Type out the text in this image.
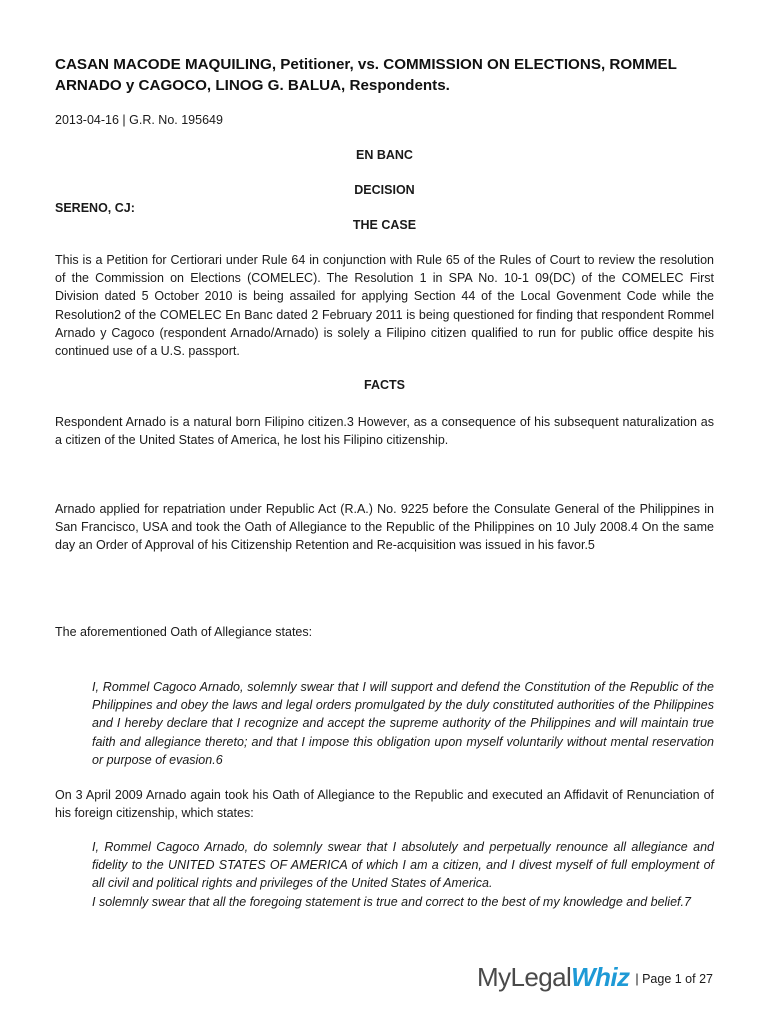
CASAN MACODE MAQUILING, Petitioner, vs. COMMISSION ON ELECTIONS, ROMMEL ARNADO y CAGOCO, LINOG G. BALUA, Respondents.
2013-04-16 | G.R. No. 195649
EN BANC
DECISION
SERENO, CJ:
THE CASE
This is a Petition for Certiorari under Rule 64 in conjunction with Rule 65 of the Rules of Court to review the resolution of the Commission on Elections (COMELEC). The Resolution 1 in SPA No. 10-1 09(DC) of the COMELEC First Division dated 5 October 2010 is being assailed for applying Section 44 of the Local Govenment Code while the Resolution2 of the COMELEC En Banc dated 2 February 2011 is being questioned for finding that respondent Rommel Arnado y Cagoco (respondent Arnado/Arnado) is solely a Filipino citizen qualified to run for public office despite his continued use of a U.S. passport.
FACTS
Respondent Arnado is a natural born Filipino citizen.3 However, as a consequence of his subsequent naturalization as a citizen of the United States of America, he lost his Filipino citizenship.
Arnado applied for repatriation under Republic Act (R.A.) No. 9225 before the Consulate General of the Philippines in San Francisco, USA and took the Oath of Allegiance to the Republic of the Philippines on 10 July 2008.4 On the same day an Order of Approval of his Citizenship Retention and Re-acquisition was issued in his favor.5
The aforementioned Oath of Allegiance states:

I, Rommel Cagoco Arnado, solemnly swear that I will support and defend the Constitution of the Republic of the Philippines and obey the laws and legal orders promulgated by the duly constituted authorities of the Philippines and I hereby declare that I recognize and accept the supreme authority of the Philippines and will maintain true faith and allegiance thereto; and that I impose this obligation upon myself voluntarily without mental reservation or purpose of evasion.6

On 3 April 2009 Arnado again took his Oath of Allegiance to the Republic and executed an Affidavit of Renunciation of his foreign citizenship, which states:

I, Rommel Cagoco Arnado, do solemnly swear that I absolutely and perpetually renounce all allegiance and fidelity to the UNITED STATES OF AMERICA of which I am a citizen, and I divest myself of full employment of all civil and political rights and privileges of the United States of America.

I solemnly swear that all the foregoing statement is true and correct to the best of my knowledge and belief.7

MyLegal Whiz | Page 1 of 27
